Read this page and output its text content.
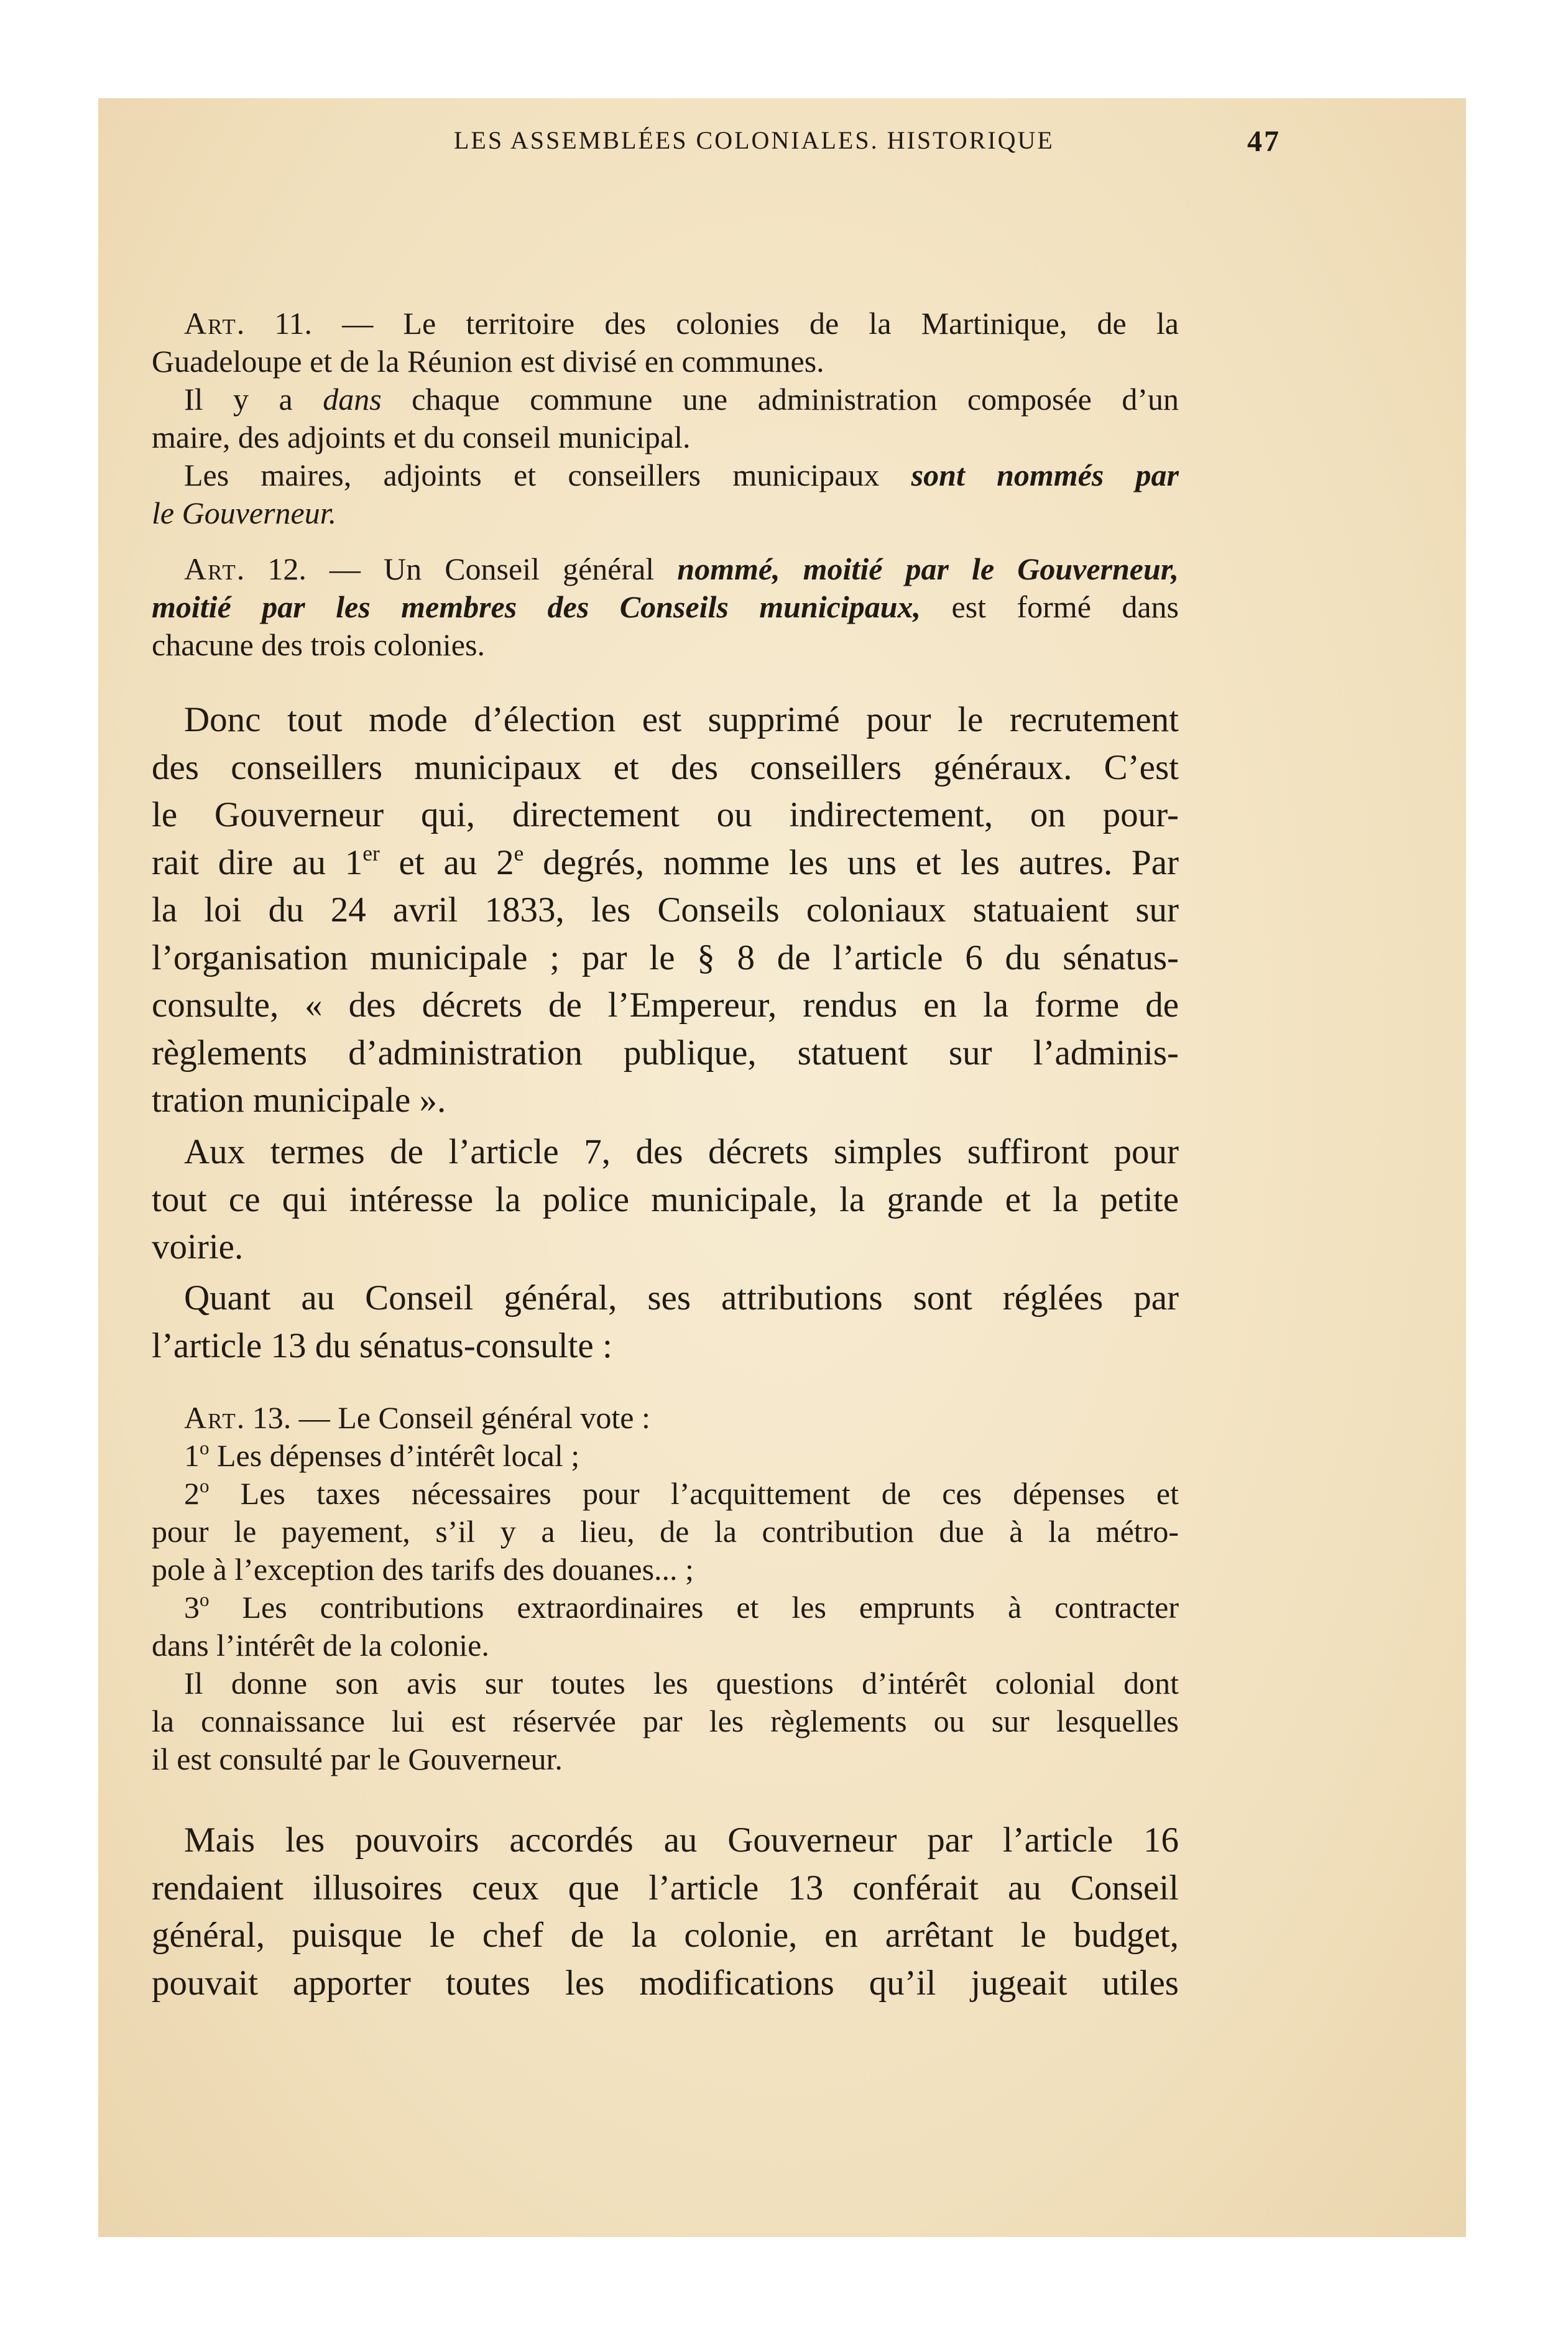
LES ASSEMBLÉES COLONIALES. HISTORIQUE	47
Art. 11. — Le territoire des colonies de la Martinique, de la
Guadeloupe et de la Réunion est divisé en communes.
Il y a dans chaque commune une administration composée d’un
maire, des adjoints et du conseil municipal.
Les maires, adjoints et conseillers municipaux sont nommés par
le Gouverneur.
Art. 12. — Un Conseil général nommé, moitié par le Gouverneur,
moitié par les membres des Conseils municipaux, est formé dans
chacune des trois colonies.
Donc tout mode d’élection est supprimé pour le recrutement
des conseillers municipaux et des conseillers généraux. C’est
le Gouverneur qui, directement ou indirectement, on pour-
rait dire au 1er et au 2e degrés, nomme les uns et les autres. Par
la loi du 24 avril 1833, les Conseils coloniaux statuaient sur
l’organisation municipale ; par le § 8 de l’article 6 du sénatus-
consulte, « des décrets de l’Empereur, rendus en la forme de
règlements d’administration publique, statuent sur l’adminis-
tration municipale ».
Aux termes de l’article 7, des décrets simples suffiront pour
tout ce qui intéresse la police municipale, la grande et la petite
voirie.
Quant au Conseil général, ses attributions sont réglées par
l’article 13 du sénatus-consulte :
Art. 13. — Le Conseil général vote :
1$^o$ Les dépenses d’intérêt local ;
2$^o$ Les taxes nécessaires pour l’acquittement de ces dépenses et
pour le payement, s’il y a lieu, de la contribution due à la métro-
pole à l’exception des tarifs des douanes... ;
3$^o$ Les contributions extraordinaires et les emprunts à contracter
dans l’intérêt de la colonie.
Il donne son avis sur toutes les questions d’intérêt colonial dont
la connaissance lui est réservée par les règlements ou sur lesquelles
il est consulté par le Gouverneur.
Mais les pouvoirs accordés au Gouverneur par l’article 16
rendaient illusoires ceux que l’article 13 conférait au Conseil
général, puisque le chef de la colonie, en arrêtant le budget,
pouvait apporter toutes les modifications qu’il jugeait utiles
